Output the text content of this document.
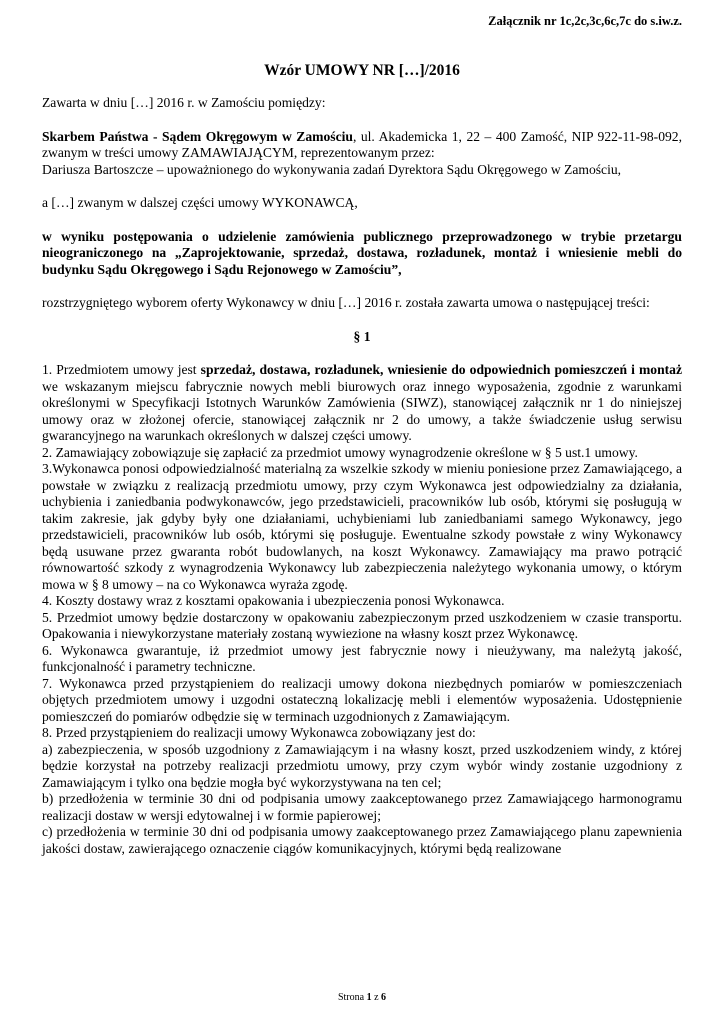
Załącznik nr 1c,2c,3c,6c,7c do s.iw.z.
Wzór UMOWY NR […]/2016

Zawarta w dniu […] 2016 r. w Zamościu pomiędzy:

Skarbem Państwa - Sądem Okręgowym w Zamościu, ul. Akademicka 1, 22 – 400 Zamość, NIP 922-11-98-092, zwanym w treści umowy ZAMAWIAJĄCYM, reprezentowanym przez:

Dariusza Bartoszcze – upoważnionego do wykonywania zadań Dyrektora Sądu Okręgowego w Zamościu,

a […] zwanym w dalszej części umowy WYKONAWCĄ,

w wyniku postępowania o udzielenie zamówienia publicznego przeprowadzonego w trybie przetargu nieograniczonego na „Zaprojektowanie, sprzedaż, dostawa, rozładunek, montaż i wniesienie mebli do budynku Sądu Okręgowego i Sądu Rejonowego w Zamościu”,

rozstrzygniętego wyborem oferty Wykonawcy w dniu […] 2016 r. została zawarta umowa o następującej treści:

§ 1

1. Przedmiotem umowy jest sprzedaż, dostawa, rozładunek, wniesienie do odpowiednich pomieszczeń i montaż we wskazanym miejscu fabrycznie nowych mebli biurowych oraz innego wyposażenia, zgodnie z warunkami określonymi w Specyfikacji Istotnych Warunków Zamówienia (SIWZ), stanowiącej załącznik nr 1 do niniejszej umowy oraz w złożonej ofercie, stanowiącej załącznik nr 2 do umowy, a także świadczenie usług serwisu gwarancyjnego na warunkach określonych w dalszej części umowy.

2. Zamawiający zobowiązuje się zapłacić za przedmiot umowy wynagrodzenie określone w § 5 ust.1 umowy.

3.Wykonawca ponosi odpowiedzialność materialną za wszelkie szkody w mieniu poniesione przez Zamawiającego, a powstałe w związku z realizacją przedmiotu umowy, przy czym Wykonawca jest odpowiedzialny za działania, uchybienia i zaniedbania podwykonawców, jego przedstawicieli, pracowników lub osób, którymi się posługują w takim zakresie, jak gdyby były one działaniami, uchybieniami lub zaniedbaniami samego Wykonawcy, jego przedstawicieli, pracowników lub osób, którymi się posługuje. Ewentualne szkody powstałe z winy Wykonawcy będą usuwane przez gwaranta robót budowlanych, na koszt Wykonawcy. Zamawiający ma prawo potrącić równowartość szkody z wynagrodzenia Wykonawcy lub zabezpieczenia należytego wykonania umowy, o którym mowa w § 8 umowy – na co Wykonawca wyraża zgodę.

4. Koszty dostawy wraz z kosztami opakowania i ubezpieczenia ponosi Wykonawca.

5. Przedmiot umowy będzie dostarczony w opakowaniu zabezpieczonym przed uszkodzeniem w czasie transportu. Opakowania i niewykorzystane materiały zostaną wywiezione na własny koszt przez Wykonawcę.

6. Wykonawca gwarantuje, iż przedmiot umowy jest fabrycznie nowy i nieużywany, ma należytą jakość, funkcjonalność i parametry techniczne.

7. Wykonawca przed przystąpieniem do realizacji umowy dokona niezbędnych pomiarów w pomieszczeniach objętych przedmiotem umowy i uzgodni ostateczną lokalizację mebli i elementów wyposażenia. Udostępnienie pomieszczeń do pomiarów odbędzie się w terminach uzgodnionych z Zamawiającym.

8. Przed przystąpieniem do realizacji umowy Wykonawca zobowiązany jest do:

a) zabezpieczenia, w sposób uzgodniony z Zamawiającym i na własny koszt, przed uszkodzeniem windy, z której będzie korzystał na potrzeby realizacji przedmiotu umowy, przy czym wybór windy zostanie uzgodniony z Zamawiającym i tylko ona będzie mogła być wykorzystywana na ten cel;

b) przedłożenia w terminie 30 dni od podpisania umowy zaakceptowanego przez Zamawiającego harmonogramu realizacji dostaw w wersji edytowalnej i w formie papierowej;

c) przedłożenia w terminie 30 dni od podpisania umowy zaakceptowanego przez Zamawiającego planu zapewnienia jakości dostaw, zawierającego oznaczenie ciągów komunikacyjnych, którymi będą realizowane

Strona 1 z 6
